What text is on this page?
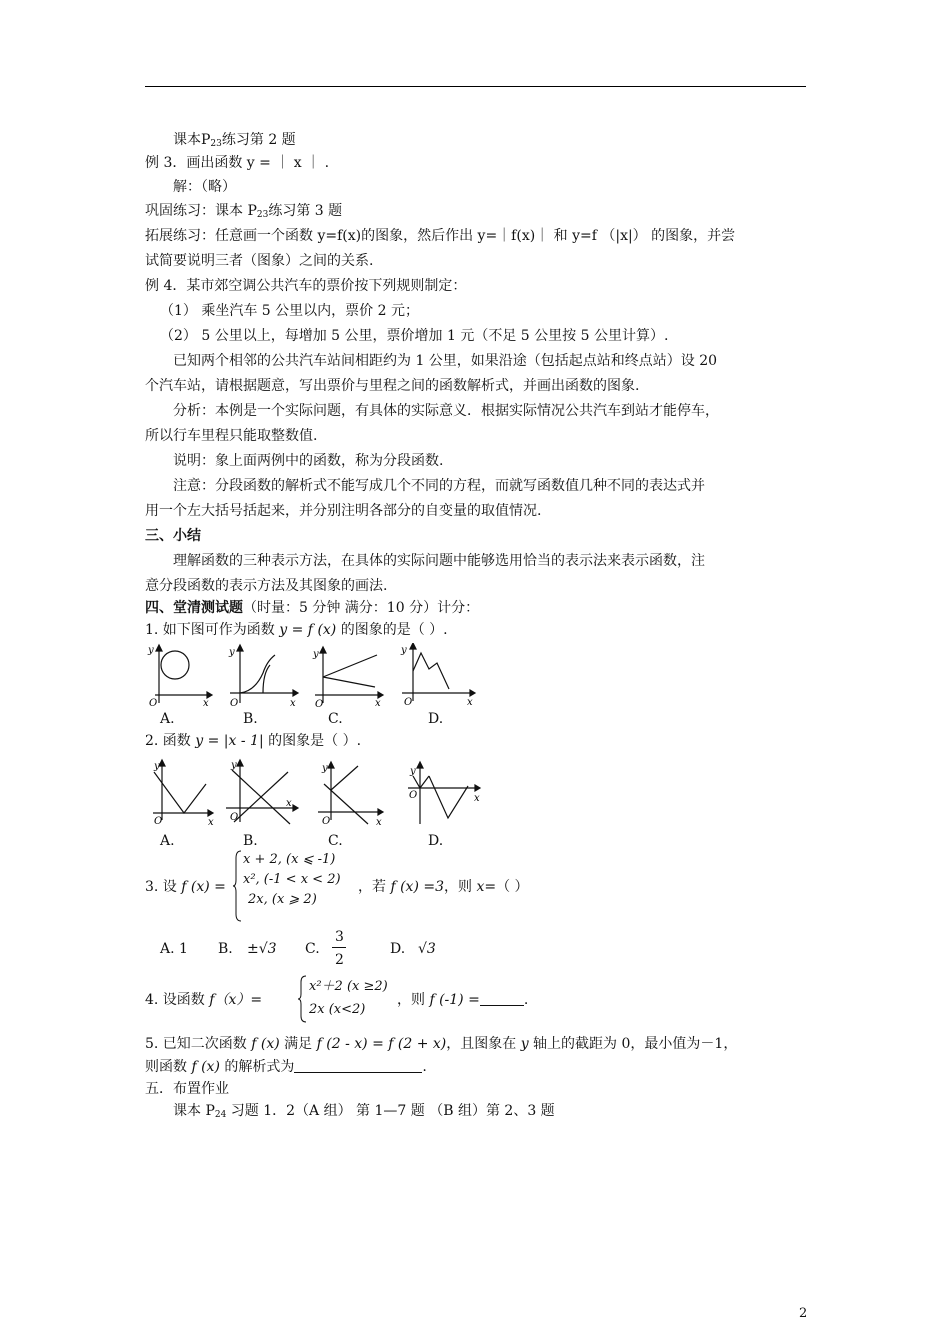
课本$P_{23}$练习第 2 题
例 3．画出函数 y = ｜ x ｜ .
解：（略）
巩固练习：课本 $P_{23}$练习第 3 题
拓展练习：任意画一个函数 y=f(x)的图象，然后作出 y=｜f(x)｜ 和 y=f （|x|） 的图象，并尝
试简要说明三者（图象）之间的关系.
例 4．某市郊空调公共汽车的票价按下列规则制定：
（1） 乘坐汽车 5 公里以内，票价 2 元；
（2） 5 公里以上，每增加 5 公里，票价增加 1 元（不足 5 公里按 5 公里计算）.
已知两个相邻的公共汽车站间相距约为 1 公里，如果沿途（包括起点站和终点站）设 20
个汽车站，请根据题意，写出票价与里程之间的函数解析式，并画出函数的图象.
分析：本例是一个实际问题，有具体的实际意义．根据实际情况公共汽车到站才能停车，
所以行车里程只能取整数值.
说明：象上面两例中的函数，称为分段函数.
注意：分段函数的解析式不能写成几个不同的方程，而就写函数值几种不同的表达式并
用一个左大括号括起来，并分别注明各部分的自变量的取值情况.
三、小结
理解函数的三种表示方法，在具体的实际问题中能够选用恰当的表示法来表示函数，注
意分段函数的表示方法及其图象的画法.
四、堂清测试题（时量：5 分钟 满分：10 分）计分：
1. 如下图可作为函数 y = f (x) 的图象的是（ ）.
y
O	x
y
O	x
y
O	x
y
O	x
A.	B.	C.	D.
2. 函数 y = |x - 1| 的图象是（ ）.
y
O	x
y
O
x
y
O	x
y
O	x
A.	B.	C.	D.
3. 设 f (x) =
x + 2, (x ⩽ -1)
x², (-1 < x < 2)
2x, (x ⩾ 2)
，若 f (x) =3，则 x=（ ）
A. 1 B. ±√3 C.
3
2
D. √3
4. 设函数 f（x）=
x²＋2 (x ≥2)
2x (x<2)
，则 f (-1) =	.
5. 已知二次函数 f (x) 满足 f (2 - x) = f (2 + x)，且图象在 y 轴上的截距为 0，最小值为－1，
则函数 f (x) 的解析式为	.
五．布置作业
课本 $P_{24}$ 习题 1．2（A 组） 第 1—7 题 （B 组）第 2、3 题
2
